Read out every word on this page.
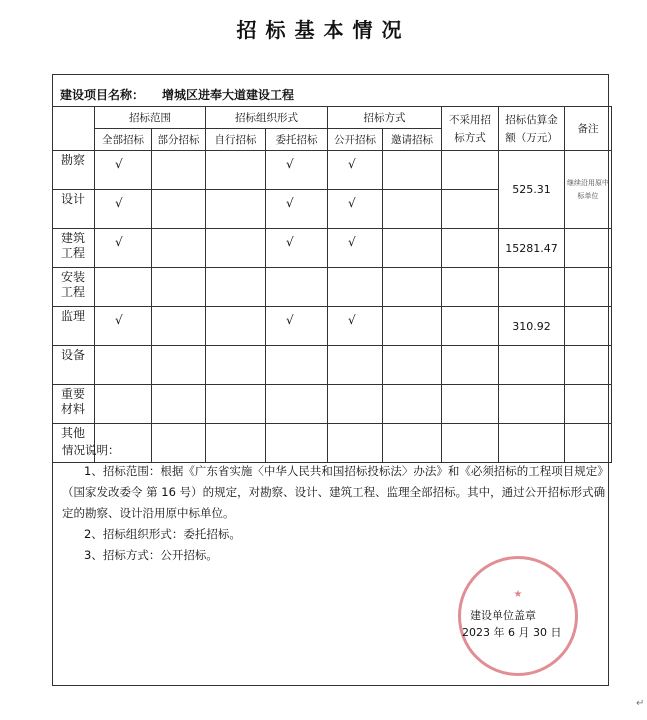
招标基本情况
建设项目名称： 增城区进奉大道建设工程
	招标范围		招标组织形式		招标方式		不采用招标方式	招标估算金额（万元）	备注
	全部招标	部分招标	自行招标	委托招标	公开招标	邀请招标			
勘察	√			√	√			525.31	继续沿用原中标单位
设计	√			√	√				
建筑工程	√			√	√			15281.47	
安装工程									
监理	√			√	√			310.92	
设备									
重要材料									
其他									

情况说明：

1、招标范围：根据《广东省实施〈中华人民共和国招标投标法〉办法》和《必须招标的工程项目规定》（国家发改委令 第 16 号）的规定，对勘察、设计、建筑工程、监理全部招标。其中，通过公开招标形式确定的勘察、设计沿用原中标单位。

2、招标组织形式：委托招标。

3、招标方式：公开招标。

★
建设单位盖章
2023 年 6 月 30 日
↵
